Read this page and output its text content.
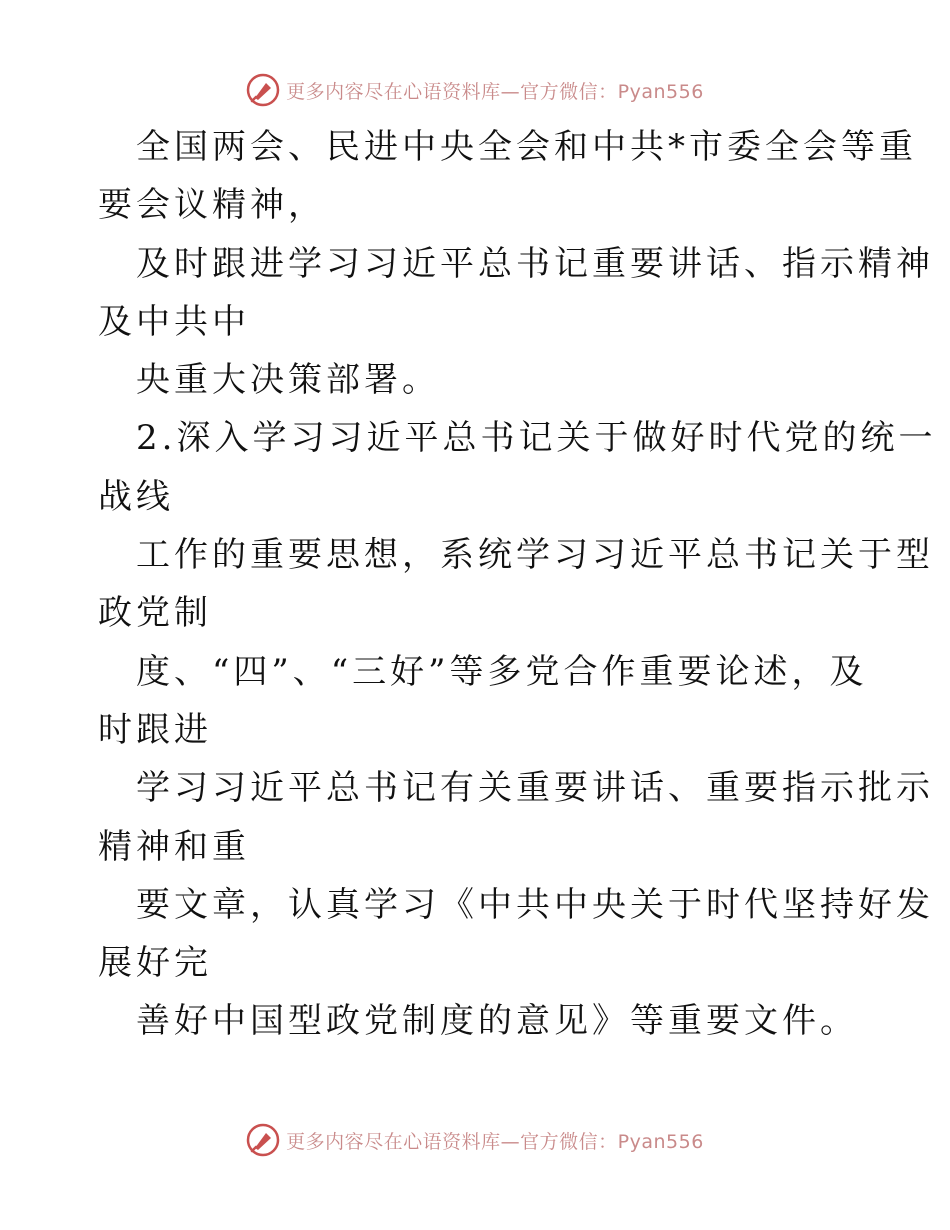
更多内容尽在心语资料库—官方微信：Pyan556

全国两会、民进中央全会和中共*市委全会等重

要会议精神，

及时跟进学习习近平总书记重要讲话、指示精神

及中共中

央重大决策部署。

2.深入学习习近平总书记关于做好时代党的统一

战线

工作的重要思想，系统学习习近平总书记关于型

政党制

度、“四”、“三好”等多党合作重要论述，及

时跟进

学习习近平总书记有关重要讲话、重要指示批示

精神和重

要文章，认真学习《中共中央关于时代坚持好发

展好完

善好中国型政党制度的意见》等重要文件。

更多内容尽在心语资料库—官方微信：Pyan556
